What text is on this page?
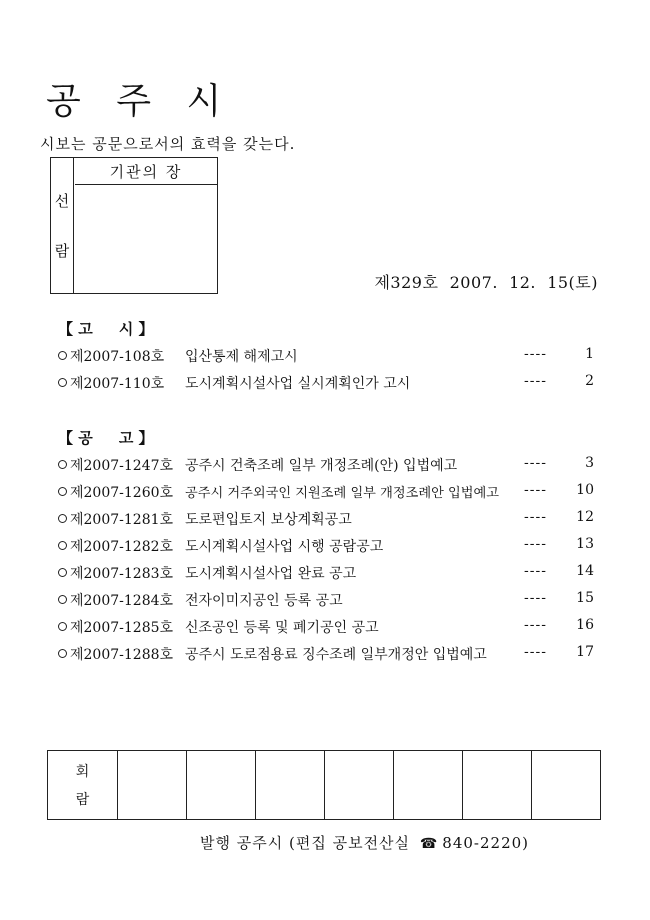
공 주 시
시보는 공문으로서의 효력을 갖는다.
선
람
기관의 장
제329호 2007.  12.  15(토)
【 고     시 】
제2007-108호 입산통제 해제고시	----	1
제2007-110호 도시계획시설사업 실시계획인가 고시	----	2
【 공     고 】
제2007-1247호 공주시 건축조례 일부 개정조례(안) 입법예고	----	3
제2007-1260호 공주시 거주외국인 지원조례 일부 개정조례안 입법예고 ---- 10
제2007-1281호 도로편입토지 보상계획공고	---- 12
제2007-1282호 도시계획시설사업 시행 공람공고	---- 13
제2007-1283호 도시계획시설사업 완료 공고	---- 14
제2007-1284호 전자이미지공인 등록 공고	---- 15
제2007-1285호 신조공인 등록 및 폐기공인 공고	---- 16
제2007-1288호 공주시 도로점용료 징수조례 일부개정안 입법예고	---- 17
회
람
발행 공주시 (편집 공보전산실 ☎ 840-2220)
